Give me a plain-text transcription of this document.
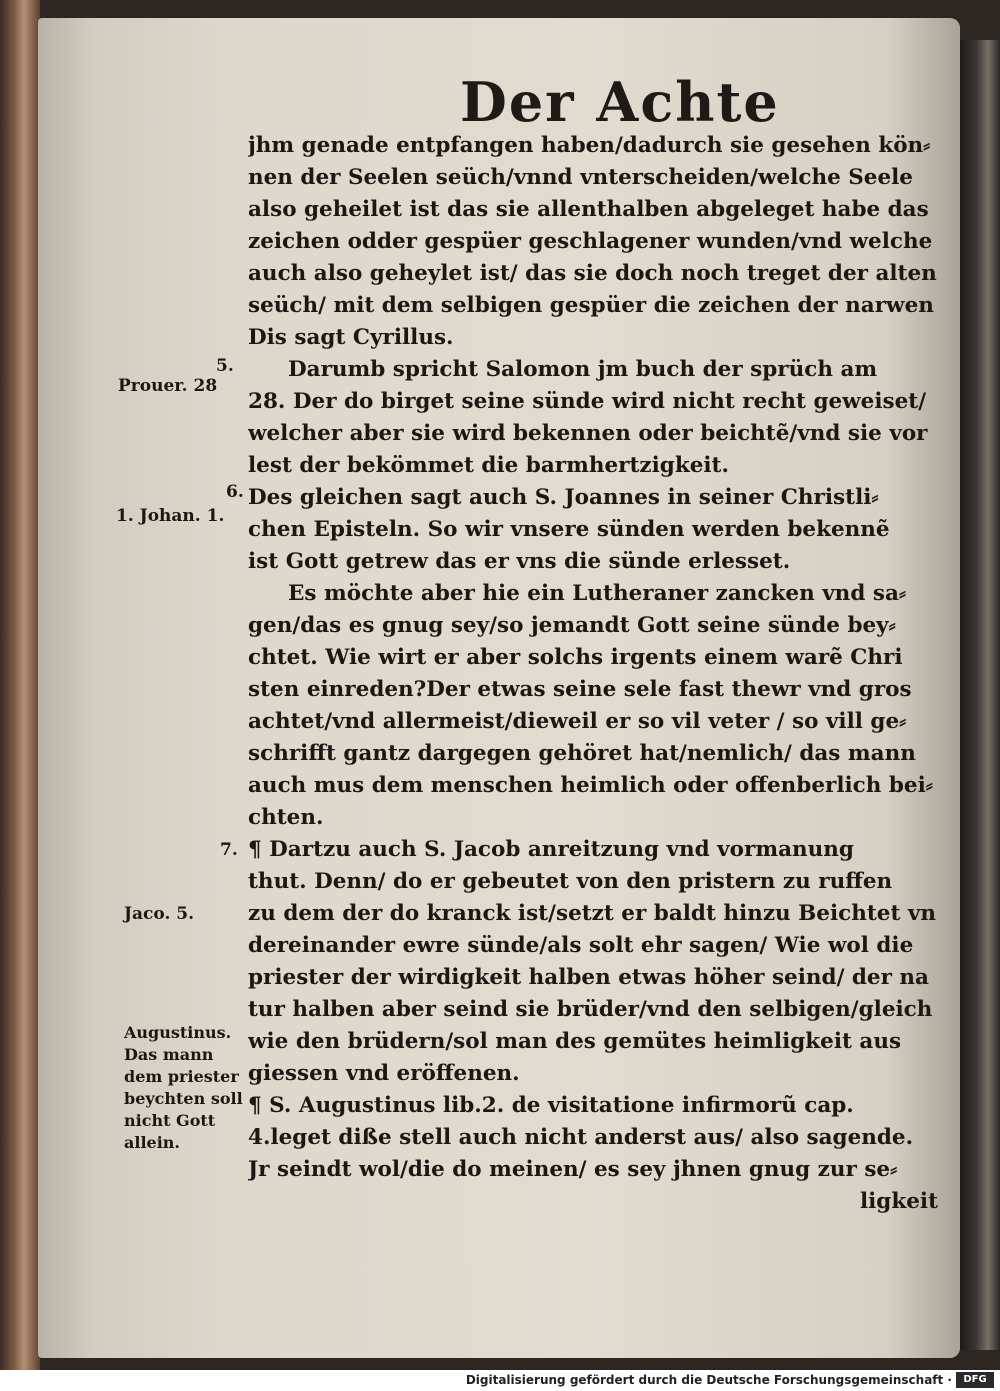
Der Achte
jhm genade entpfangen haben/dadurch sie gesehen kön⸗
nen der Seelen seüch/vnnd vnterscheiden/welche Seele
also geheilet ist das sie allenthalben abgeleget habe das
zeichen odder gespüer geschlagener wunden/vnd welche
auch also geheylet ist/ das sie doch noch treget der alten
seüch/ mit dem selbigen gespüer die zeichen der narwen
Dis sagt Cyrillus.
Darumb spricht Salomon jm buch der sprüch am
28. Der do birget seine sünde wird nicht recht geweiset/
welcher aber sie wird bekennen oder beichtẽ/vnd sie vor
lest der bekömmet die barmhertzigkeit.
Des gleichen sagt auch S. Joannes in seiner Christli⸗
chen Episteln. So wir vnsere sünden werden bekennẽ
ist Gott getrew das er vns die sünde erlesset.
Es möchte aber hie ein Lutheraner zancken vnd sa⸗
gen/das es gnug sey/so jemandt Gott seine sünde bey⸗
chtet. Wie wirt er aber solchs irgents einem warẽ Chri
sten einreden?Der etwas seine sele fast thewr vnd gros
achtet/vnd allermeist/dieweil er so vil veter / so vill ge⸗
schrifft gantz dargegen gehöret hat/nemlich/ das mann
auch mus dem menschen heimlich oder offenberlich bei⸗
chten.
¶ Dartzu auch S. Jacob anreitzung vnd vormanung
thut. Denn/ do er gebeutet von den pristern zu ruffen
zu dem der do kranck ist/setzt er baldt hinzu Beichtet vn
dereinander ewre sünde/als solt ehr sagen/ Wie wol die
priester der wirdigkeit halben etwas höher seind/ der na
tur halben aber seind sie brüder/vnd den selbigen/gleich
wie den brüdern/sol man des gemütes heimligkeit aus
giessen vnd eröffenen.
¶ S. Augustinus lib.2. de visitatione infirmorũ cap.
4.leget diße stell auch nicht anderst aus/ also sagende.
Jr seindt wol/die do meinen/ es sey jhnen gnug zur se⸗
ligkeit
5.
Prouer. 28
6.
1. Johan. 1.
7.
Jaco. 5.
Augustinus.
Das mann
dem priester
beychten soll
nicht Gott
allein.
Digitalisierung gefördert durch die Deutsche Forschungsgemeinschaft ·	DFG
